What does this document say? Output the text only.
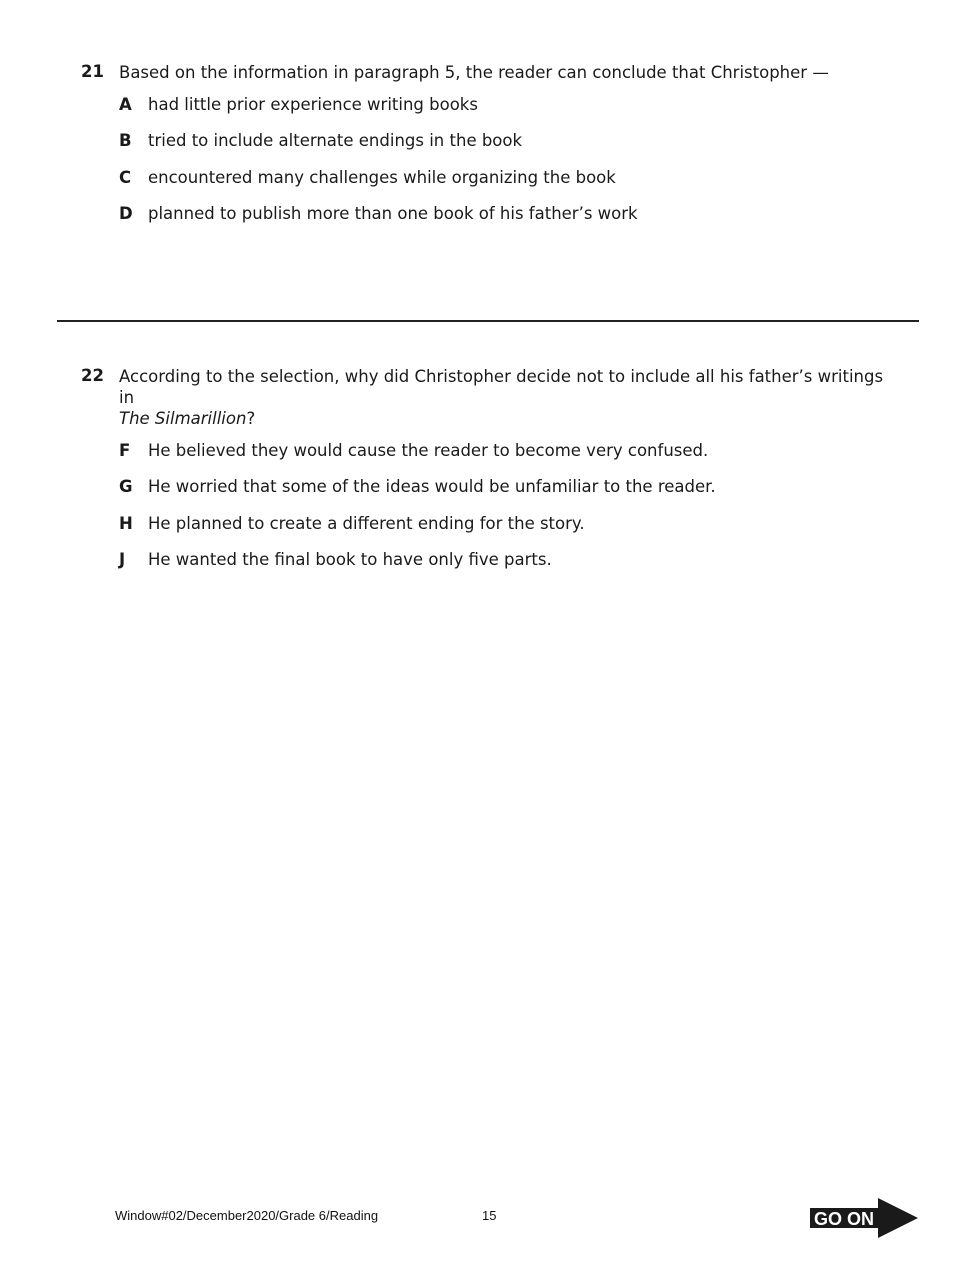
21 Based on the information in paragraph 5, the reader can conclude that Christopher —
A had little prior experience writing books
B tried to include alternate endings in the book
C encountered many challenges while organizing the book
D planned to publish more than one book of his father’s work
22 According to the selection, why did Christopher decide not to include all his father’s writings in
The Silmarillion?
F He believed they would cause the reader to become very confused.
G He worried that some of the ideas would be unfamiliar to the reader.
H He planned to create a different ending for the story.
J He wanted the final book to have only five parts.
Window#02/December2020/Grade 6/Reading	15	GO ON
